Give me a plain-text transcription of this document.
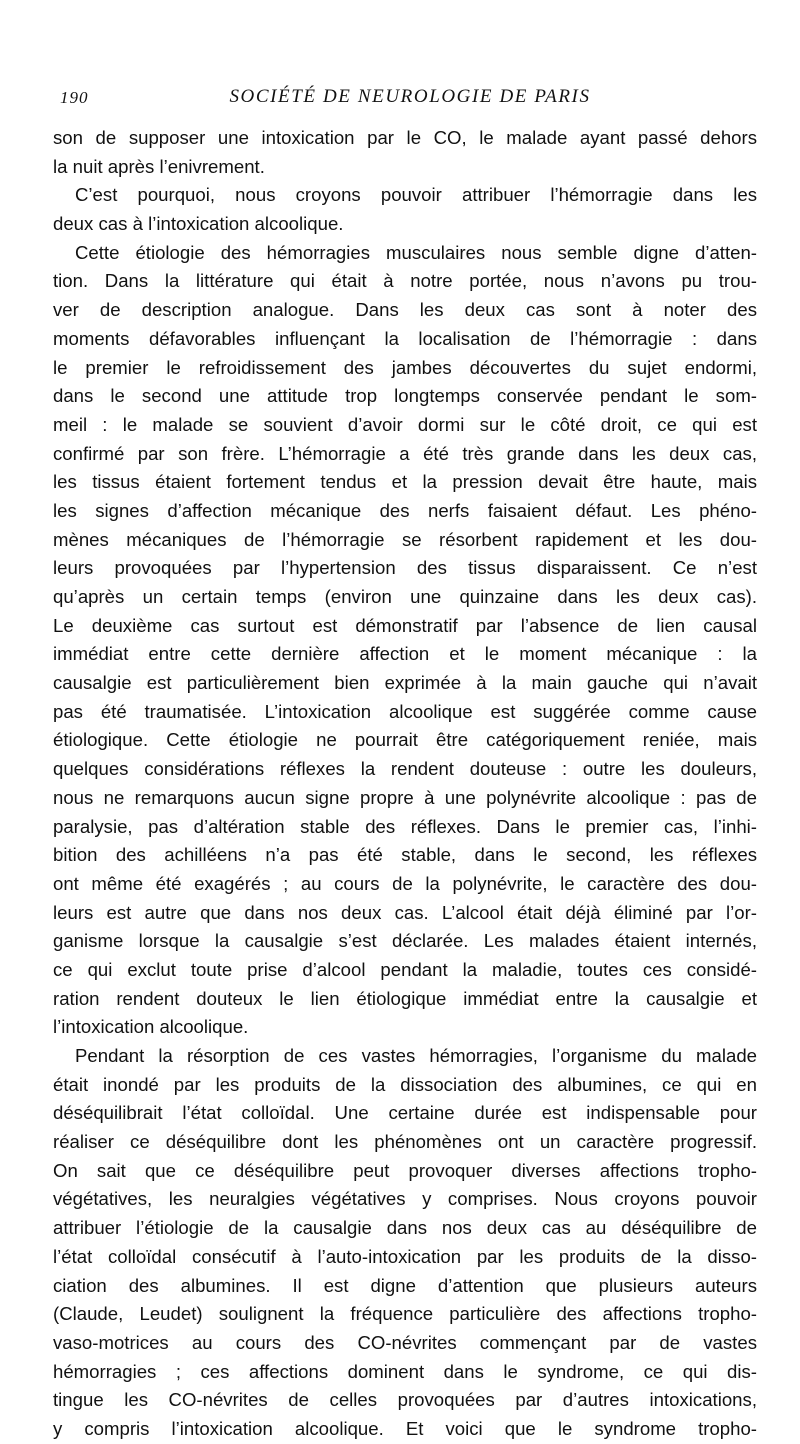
190	SOCIÉTÉ DE NEUROLOGIE DE PARIS
son de supposer une intoxication par le CO, le malade ayant passé dehors
la nuit après l’enivrement.
C’est pourquoi, nous croyons pouvoir attribuer l’hémorragie dans les
deux cas à l’intoxication alcoolique.
Cette étiologie des hémorragies musculaires nous semble digne d’atten-
tion. Dans la littérature qui était à notre portée, nous n’avons pu trou-
ver de description analogue. Dans les deux cas sont à noter des
moments défavorables influençant la localisation de l’hémorragie : dans
le premier le refroidissement des jambes découvertes du sujet endormi,
dans le second une attitude trop longtemps conservée pendant le som-
meil : le malade se souvient d’avoir dormi sur le côté droit, ce qui est
confirmé par son frère. L’hémorragie a été très grande dans les deux cas,
les tissus étaient fortement tendus et la pression devait être haute, mais
les signes d’affection mécanique des nerfs faisaient défaut. Les phéno-
mènes mécaniques de l’hémorragie se résorbent rapidement et les dou-
leurs provoquées par l’hypertension des tissus disparaissent. Ce n’est
qu’après un certain temps (environ une quinzaine dans les deux cas).
Le deuxième cas surtout est démonstratif par l’absence de lien causal
immédiat entre cette dernière affection et le moment mécanique : la
causalgie est particulièrement bien exprimée à la main gauche qui n’avait
pas été traumatisée. L’intoxication alcoolique est suggérée comme cause
étiologique. Cette étiologie ne pourrait être catégoriquement reniée, mais
quelques considérations réflexes la rendent douteuse : outre les douleurs,
nous ne remarquons aucun signe propre à une polynévrite alcoolique : pas de
paralysie, pas d’altération stable des réflexes. Dans le premier cas, l’inhi-
bition des achilléens n’a pas été stable, dans le second, les réflexes
ont même été exagérés ; au cours de la polynévrite, le caractère des dou-
leurs est autre que dans nos deux cas. L’alcool était déjà éliminé par l’or-
ganisme lorsque la causalgie s’est déclarée. Les malades étaient internés,
ce qui exclut toute prise d’alcool pendant la maladie, toutes ces considé-
ration rendent douteux le lien étiologique immédiat entre la causalgie et
l’intoxication alcoolique.
Pendant la résorption de ces vastes hémorragies, l’organisme du malade
était inondé par les produits de la dissociation des albumines, ce qui en
déséquilibrait l’état colloïdal. Une certaine durée est indispensable pour
réaliser ce déséquilibre dont les phénomènes ont un caractère progressif.
On sait que ce déséquilibre peut provoquer diverses affections tropho-
végétatives, les neuralgies végétatives y comprises. Nous croyons pouvoir
attribuer l’étiologie de la causalgie dans nos deux cas au déséquilibre de
l’état colloïdal consécutif à l’auto-intoxication par les produits de la disso-
ciation des albumines. Il est digne d’attention que plusieurs auteurs
(Claude, Leudet) soulignent la fréquence particulière des affections tropho-
vaso-motrices au cours des CO-névrites commençant par de vastes
hémorragies ; ces affections dominent dans le syndrome, ce qui dis-
tingue les CO-névrites de celles provoquées par d’autres intoxications,
y compris l’intoxication alcoolique. Et voici que le syndrome tropho-
